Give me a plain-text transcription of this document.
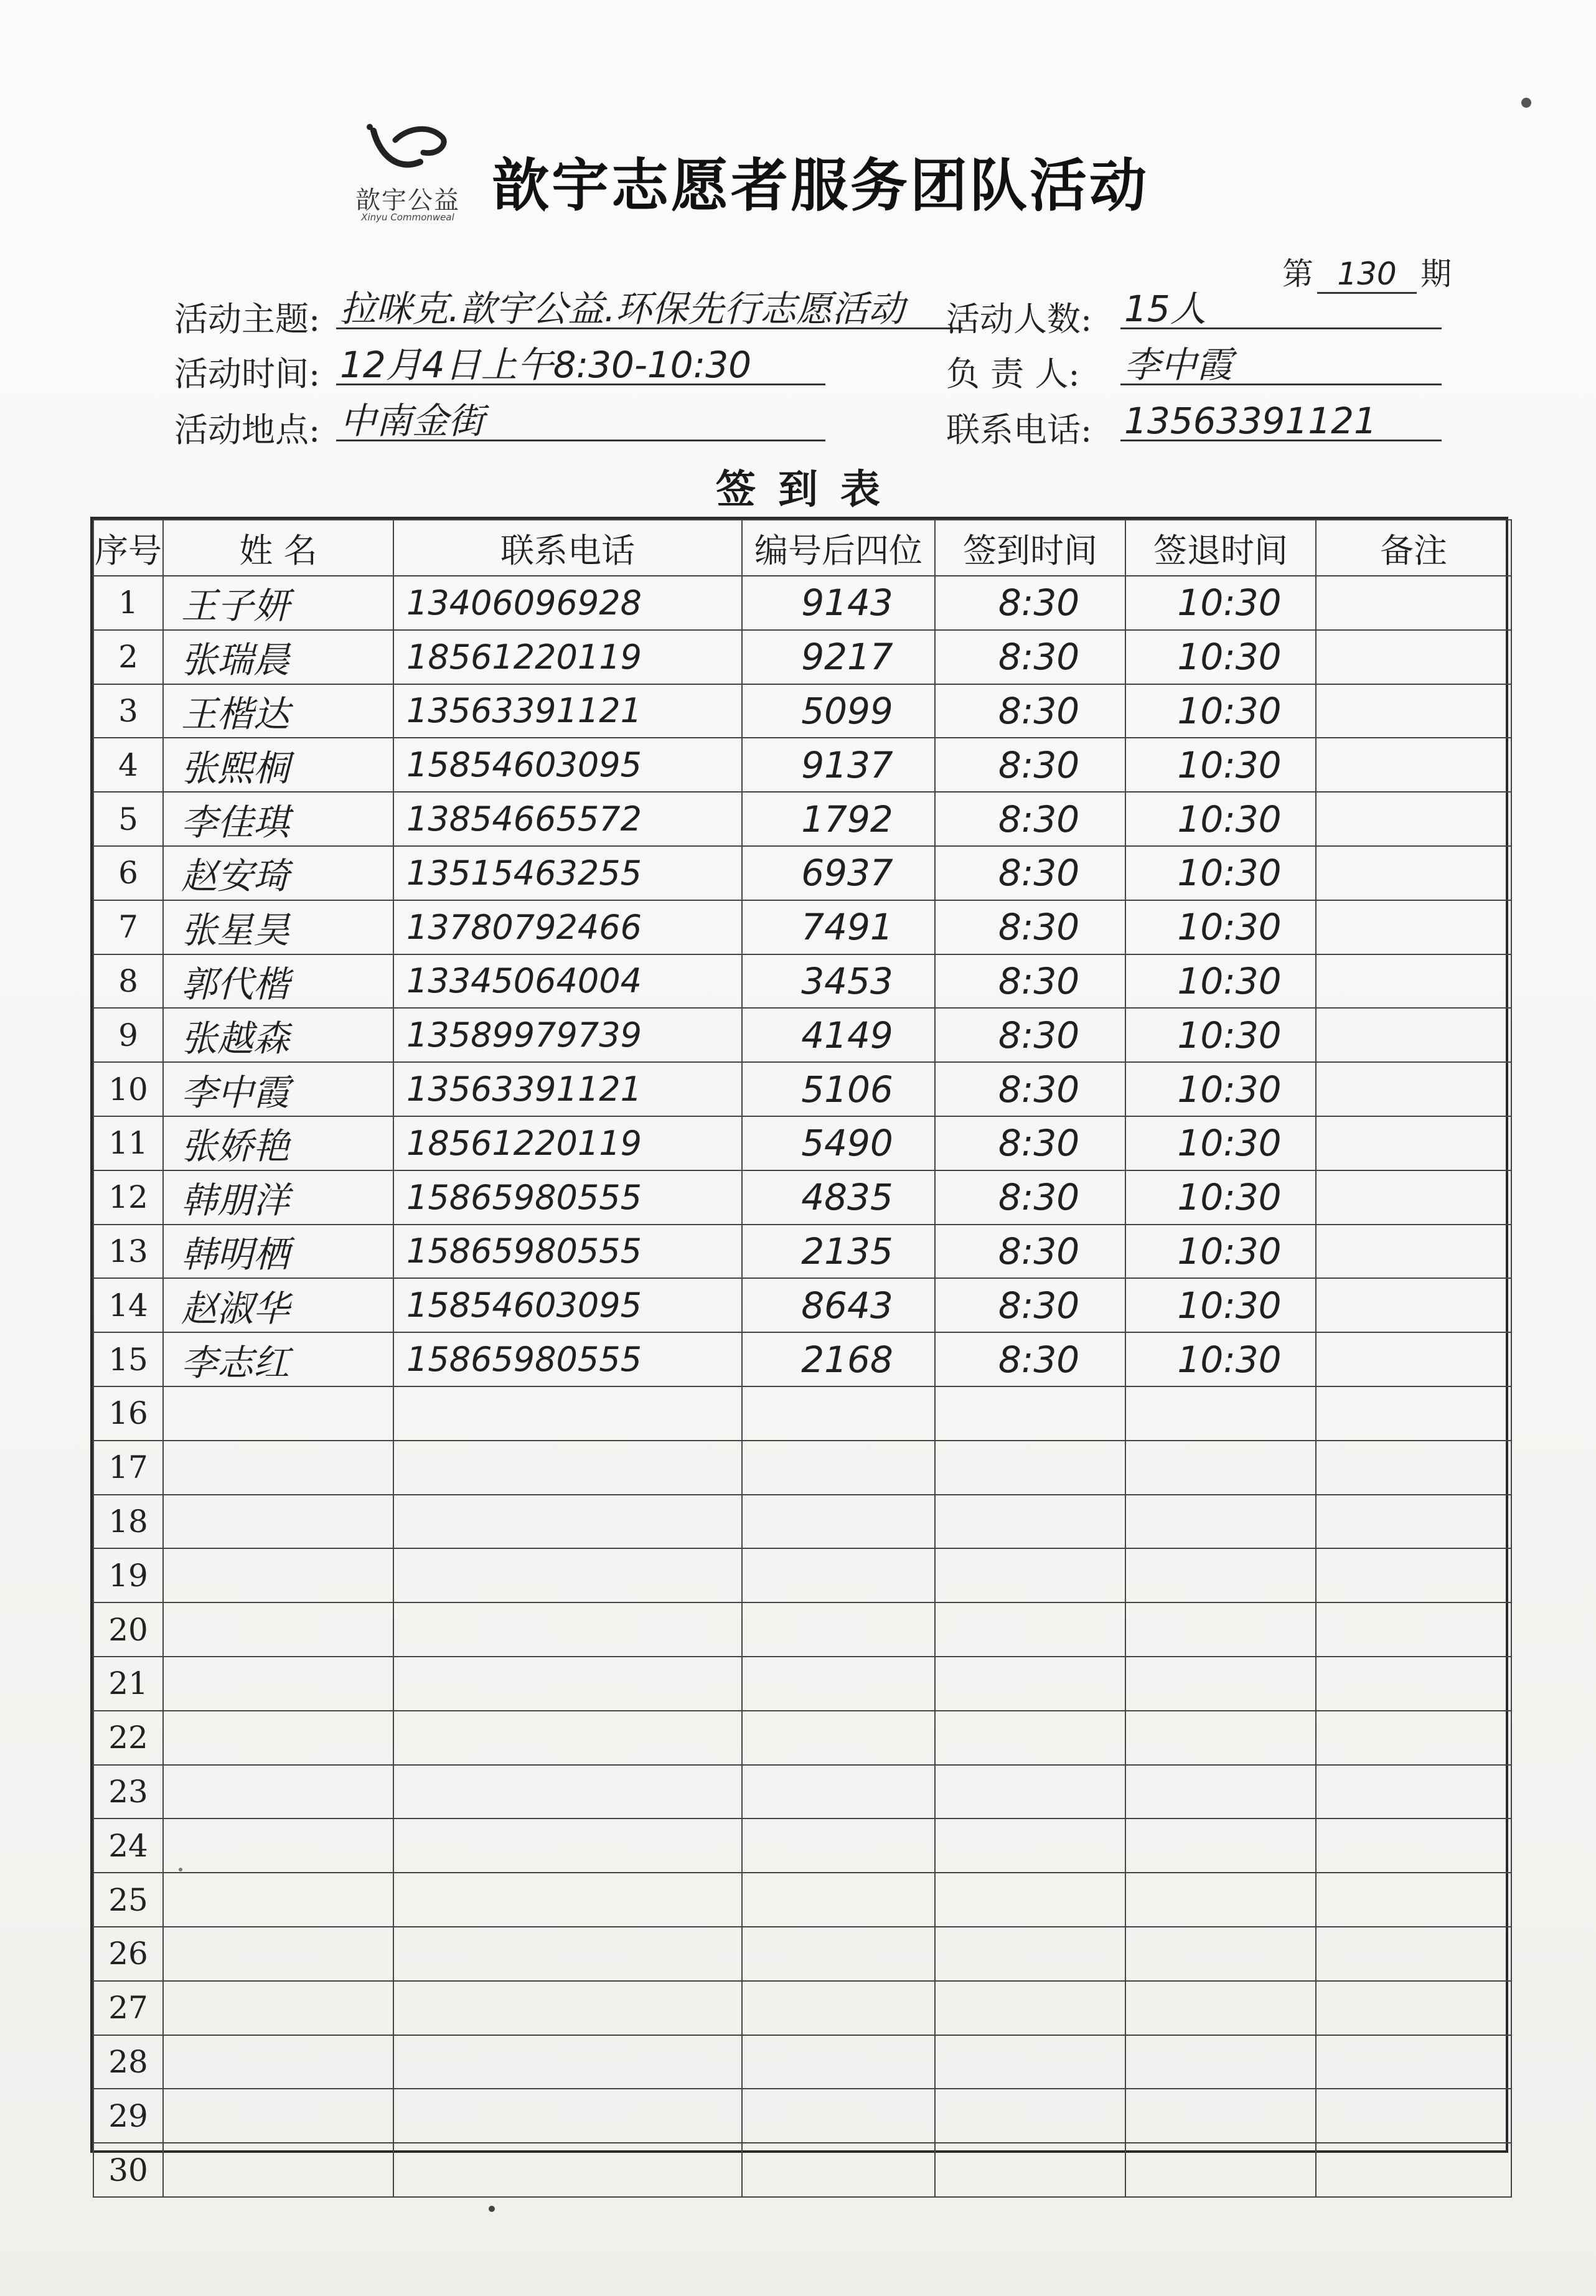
歆宇公益
Xinyu Commonweal 歆宇志愿者服务团队活动
第 130 期
活动主题: 拉咪克.歆宇公益.环保先行志愿活动	活动人数: 15人
活动时间: 12月4日上午8:30-10:30	负 责 人: 李中霞
活动地点: 中南金街	联系电话: 13563391121
签到表
序号	姓 名	联系电话	编号后四位	签到时间	签退时间	备注
1	王子妍	13406096928	9143	8:30	10:30	
2	张瑞晨	18561220119	9217	8:30	10:30	
3	王楷达	13563391121	5099	8:30	10:30	
4	张熙桐	15854603095	9137	8:30	10:30	
5	李佳琪	13854665572	1792	8:30	10:30	
6	赵安琦	13515463255	6937	8:30	10:30	
7	张星昊	13780792466	7491	8:30	10:30	
8	郭代楷	13345064004	3453	8:30	10:30	
9	张越森	13589979739	4149	8:30	10:30	
10	李中霞	13563391121	5106	8:30	10:30	
11	张娇艳	18561220119	5490	8:30	10:30	
12	韩朋洋	15865980555	4835	8:30	10:30	
13	韩明栖	15865980555	2135	8:30	10:30	
14	赵淑华	15854603095	8643	8:30	10:30	
15	李志红	15865980555	2168	8:30	10:30	
16						
17						
18						
19						
20						
21						
22						
23						
24						
25						
26						
27						
28						
29						
30						
